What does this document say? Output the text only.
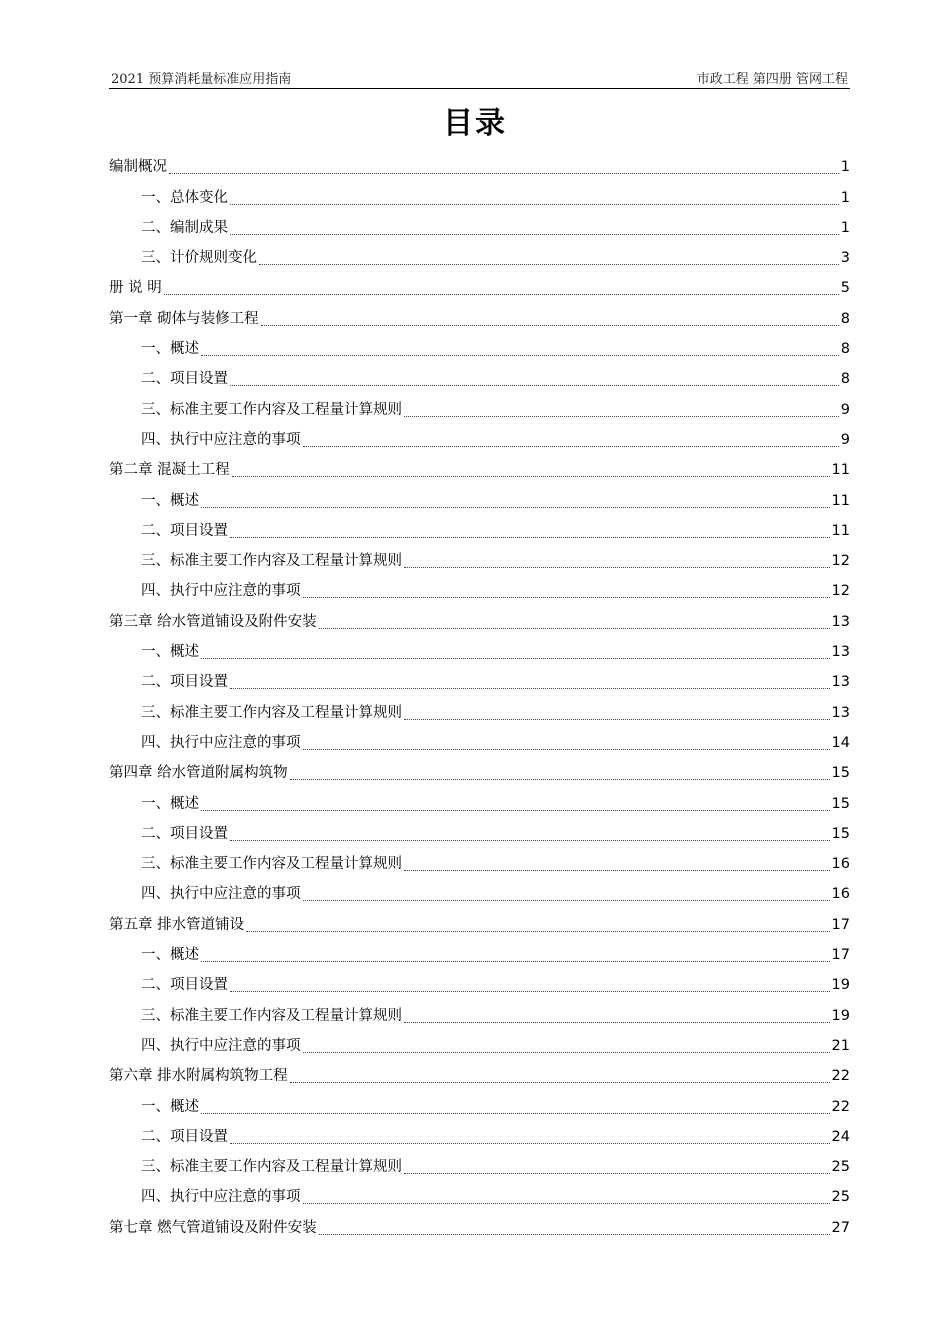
2021 预算消耗量标准应用指南	市政工程 第四册 管网工程
目录
编制概况	1
一、总体变化	1
二、编制成果	1
三、计价规则变化	3
册 说 明	5
第一章 砌体与装修工程	8
一、概述	8
二、项目设置	8
三、标准主要工作内容及工程量计算规则	9
四、执行中应注意的事项	9
第二章 混凝土工程	11
一、概述	11
二、项目设置	11
三、标准主要工作内容及工程量计算规则	12
四、执行中应注意的事项	12
第三章 给水管道铺设及附件安装	13
一、概述	13
二、项目设置	13
三、标准主要工作内容及工程量计算规则	13
四、执行中应注意的事项	14
第四章 给水管道附属构筑物	15
一、概述	15
二、项目设置	15
三、标准主要工作内容及工程量计算规则	16
四、执行中应注意的事项	16
第五章 排水管道铺设	17
一、概述	17
二、项目设置	19
三、标准主要工作内容及工程量计算规则	19
四、执行中应注意的事项	21
第六章 排水附属构筑物工程	22
一、概述	22
二、项目设置	24
三、标准主要工作内容及工程量计算规则	25
四、执行中应注意的事项	25
第七章 燃气管道铺设及附件安装	27
